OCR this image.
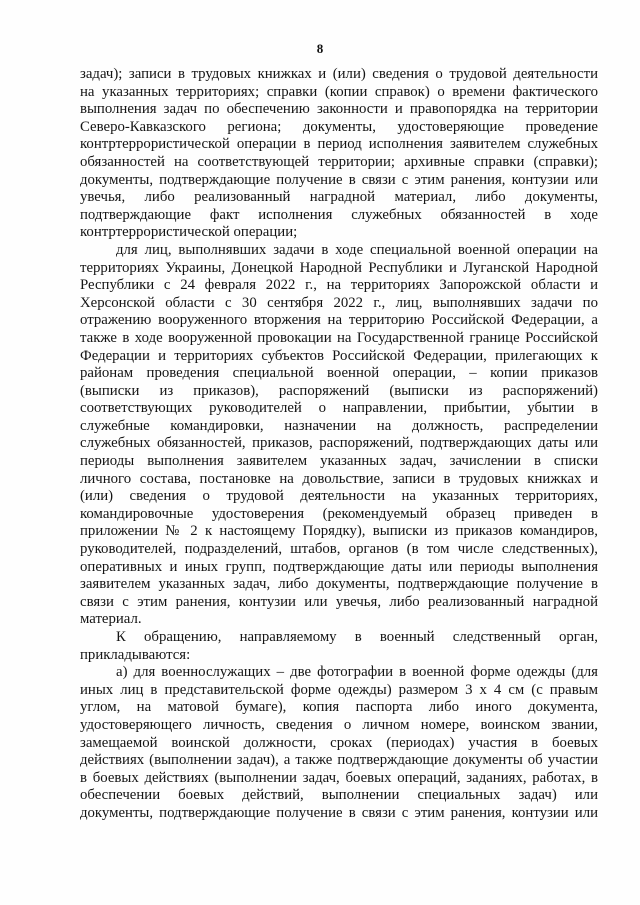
8
задач); записи в трудовых книжках и (или) сведения о трудовой деятельности
на указанных территориях; справки (копии справок) о времени фактического
выполнения задач по обеспечению законности и правопорядка на территории
Северо-Кавказского региона; документы, удостоверяющие проведение
контртеррористической операции в период исполнения заявителем служебных
обязанностей на соответствующей территории; архивные справки (справки);
документы, подтверждающие получение в связи с этим ранения, контузии или
увечья, либо реализованный наградной материал, либо документы,
подтверждающие факт исполнения служебных обязанностей в ходе
контртеррористической операции;
для лиц, выполнявших задачи в ходе специальной военной операции на
территориях Украины, Донецкой Народной Республики и Луганской Народной
Республики с 24 февраля 2022 г., на территориях Запорожской области и
Херсонской области с 30 сентября 2022 г., лиц, выполнявших задачи по
отражению вооруженного вторжения на территорию Российской Федерации, а
также в ходе вооруженной провокации на Государственной границе Российской
Федерации и территориях субъектов Российской Федерации, прилегающих к
районам проведения специальной военной операции, – копии приказов
(выписки из приказов), распоряжений (выписки из распоряжений)
соответствующих руководителей о направлении, прибытии, убытии в
служебные командировки, назначении на должность, распределении
служебных обязанностей, приказов, распоряжений, подтверждающих даты или
периоды выполнения заявителем указанных задач, зачислении в списки
личного состава, постановке на довольствие, записи в трудовых книжках и
(или) сведения о трудовой деятельности на указанных территориях,
командировочные удостоверения (рекомендуемый образец приведен в
приложении № 2 к настоящему Порядку), выписки из приказов командиров,
руководителей, подразделений, штабов, органов (в том числе следственных),
оперативных и иных групп, подтверждающие даты или периоды выполнения
заявителем указанных задач, либо документы, подтверждающие получение в
связи с этим ранения, контузии или увечья, либо реализованный наградной
материал.
К обращению, направляемому в военный следственный орган,
прикладываются:
а) для военнослужащих – две фотографии в военной форме одежды (для
иных лиц в представительской форме одежды) размером 3 х 4 см (с правым
углом, на матовой бумаге), копия паспорта либо иного документа,
удостоверяющего личность, сведения о личном номере, воинском звании,
замещаемой воинской должности, сроках (периодах) участия в боевых
действиях (выполнении задач), а также подтверждающие документы об участии
в боевых действиях (выполнении задач, боевых операций, заданиях, работах, в
обеспечении боевых действий, выполнении специальных задач) или
документы, подтверждающие получение в связи с этим ранения, контузии или
